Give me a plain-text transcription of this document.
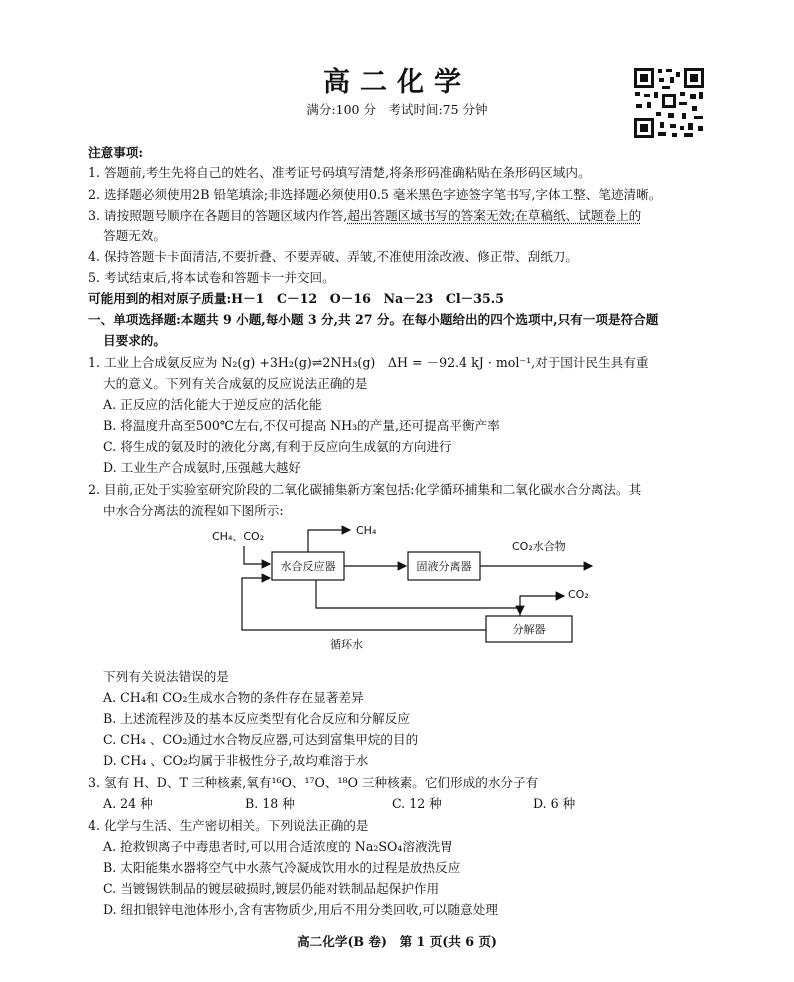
高二化学
满分:100 分　考试时间:75 分钟
注意事项:
1. 答题前,考生先将自己的姓名、准考证号码填写清楚,将条形码准确粘贴在条形码区域内。
2. 选择题必须使用2B 铅笔填涂;非选择题必须使用0.5 毫米黑色字迹签字笔书写,字体工整、笔迹清晰。
3. 请按照题号顺序在各题目的答题区域内作答,超出答题区域书写的答案无效;在草稿纸、试题卷上的
答题无效。
4. 保持答题卡卡面清洁,不要折叠、不要弄破、弄皱,不准使用涂改液、修正带、刮纸刀。
5. 考试结束后,将本试卷和答题卡一并交回。
可能用到的相对原子质量:H－1　C－12　O－16　Na－23　Cl－35.5
一、单项选择题:本题共 9 小题,每小题 3 分,共 27 分。在每小题给出的四个选项中,只有一项是符合题
目要求的。
1. 工业上合成氨反应为 N₂(g) +3H₂(g)⇌2NH₃(g)　ΔH = －92.4 kJ · mol⁻¹,对于国计民生具有重
大的意义。下列有关合成氨的反应说法正确的是
A. 正反应的活化能大于逆反应的活化能
B. 将温度升高至500℃左右,不仅可提高 NH₃的产量,还可提高平衡产率
C. 将生成的氨及时的液化分离,有利于反应向生成氨的方向进行
D. 工业生产合成氨时,压强越大越好
2. 目前,正处于实验室研究阶段的二氧化碳捕集新方案包括:化学循环捕集和二氧化碳水合分离法。其
中水合分离法的流程如下图所示:
CH₄、CO₂
水合反应器
CH₄
固液分离器
CO₂水合物
分解器
CO₂
循环水
下列有关说法错误的是
A. CH₄和 CO₂生成水合物的条件存在显著差异
B. 上述流程涉及的基本反应类型有化合反应和分解反应
C. CH₄ 、CO₂通过水合物反应器,可达到富集甲烷的目的
D. CH₄ 、CO₂均属于非极性分子,故均难溶于水
3. 氢有 H、D、T 三种核素,氧有¹⁶O、¹⁷O、¹⁸O 三种核素。它们形成的水分子有
A. 24 种	B. 18 种	C. 12 种	D. 6 种
4. 化学与生活、生产密切相关。下列说法正确的是
A. 抢救钡离子中毒患者时,可以用合适浓度的 Na₂SO₄溶液洗胃
B. 太阳能集水器将空气中水蒸气冷凝成饮用水的过程是放热反应
C. 当镀锡铁制品的镀层破损时,镀层仍能对铁制品起保护作用
D. 纽扣银锌电池体形小,含有害物质少,用后不用分类回收,可以随意处理
高二化学(B 卷)　第 1 页(共 6 页)
